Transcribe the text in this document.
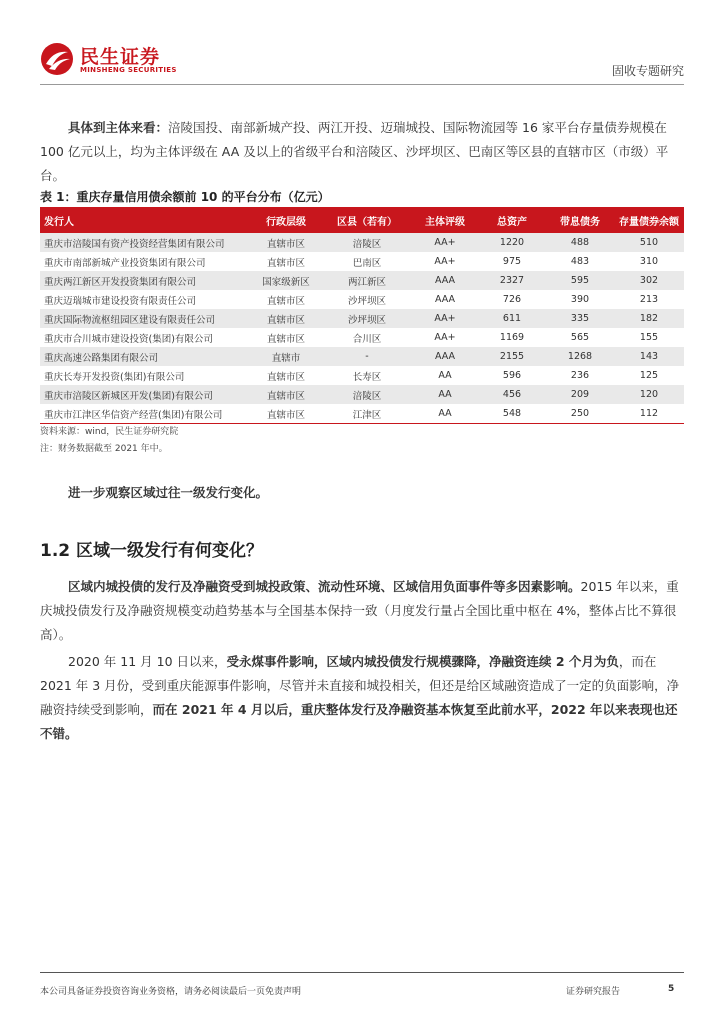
民生证券
MINSHENG SECURITIES	固收专题研究

具体到主体来看：涪陵国投、南部新城产投、两江开投、迈瑞城投、国际物流园等 16 家平台存量债券规模在 100 亿元以上，均为主体评级在 AA 及以上的省级平台和涪陵区、沙坪坝区、巴南区等区县的直辖市区（市级）平台。

表 1：重庆存量信用债余额前 10 的平台分布（亿元）
发行人	行政层级	区县（若有）	主体评级	总资产	带息债务	存量债券余额
重庆市涪陵国有资产投资经营集团有限公司	直辖市区	涪陵区	AA+	1220	488	510
重庆市南部新城产业投资集团有限公司	直辖市区	巴南区	AA+	975	483	310
重庆两江新区开发投资集团有限公司	国家级新区	两江新区	AAA	2327	595	302
重庆迈瑞城市建设投资有限责任公司	直辖市区	沙坪坝区	AAA	726	390	213
重庆国际物流枢纽园区建设有限责任公司	直辖市区	沙坪坝区	AA+	611	335	182
重庆市合川城市建设投资(集团)有限公司	直辖市区	合川区	AA+	1169	565	155
重庆高速公路集团有限公司	直辖市	-	AAA	2155	1268	143
重庆长寿开发投资(集团)有限公司	直辖市区	长寿区	AA	596	236	125
重庆市涪陵区新城区开发(集团)有限公司	直辖市区	涪陵区	AA	456	209	120
重庆市江津区华信资产经营(集团)有限公司	直辖市区	江津区	AA	548	250	112
资料来源：wind，民生证券研究院
注：财务数据截至 2021 年中。

进一步观察区域过往一级发行变化。

1.2 区域一级发行有何变化？

区域内城投债的发行及净融资受到城投政策、流动性环境、区域信用负面事件等多因素影响。2015 年以来，重庆城投债发行及净融资规模变动趋势基本与全国基本保持一致（月度发行量占全国比重中枢在 4%，整体占比不算很高）。

2020 年 11 月 10 日以来，受永煤事件影响，区域内城投债发行规模骤降，净融资连续 2 个月为负，而在 2021 年 3 月份，受到重庆能源事件影响，尽管并未直接和城投相关，但还是给区域融资造成了一定的负面影响，净融资持续受到影响，而在 2021 年 4 月以后，重庆整体发行及净融资基本恢复至此前水平，2022 年以来表现也还不错。

本公司具备证券投资咨询业务资格，请务必阅读最后一页免责声明	证券研究报告	5
